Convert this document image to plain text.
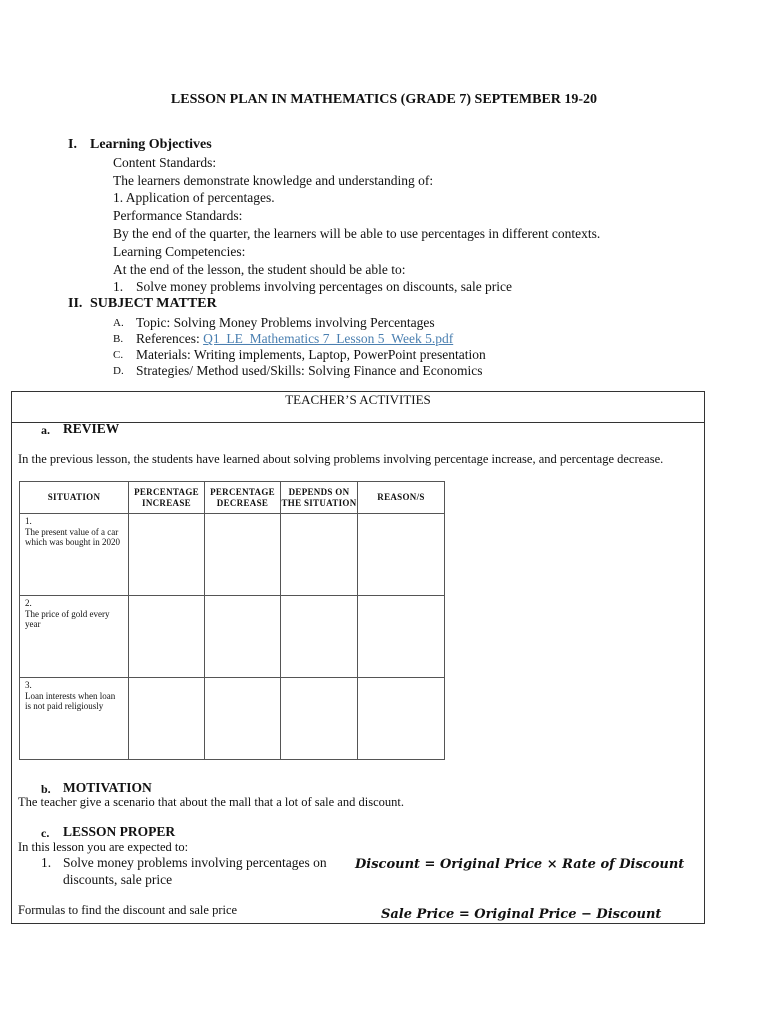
LESSON PLAN IN MATHEMATICS (GRADE 7) SEPTEMBER 19-20
I. Learning Objectives
Content Standards:
The learners demonstrate knowledge and understanding of:
1. Application of percentages.
Performance Standards:
By the end of the quarter, the learners will be able to use percentages in different contexts.
Learning Competencies:
At the end of the lesson, the student should be able to:
1. Solve money problems involving percentages on discounts, sale price
II. SUBJECT MATTER
A. Topic: Solving Money Problems involving Percentages
B. References: Q1_LE_Mathematics 7_Lesson 5_Week 5.pdf
C. Materials: Writing implements, Laptop, PowerPoint presentation
D. Strategies/ Method used/Skills: Solving Finance and Economics
TEACHER’S ACTIVITIES
a. REVIEW
In the previous lesson, the students have learned about solving problems involving percentage increase, and percentage decrease.
SITUATION	PERCENTAGE INCREASE	PERCENTAGE DECREASE	DEPENDS ON THE SITUATION	REASON/S
1.The present value of a car which was bought in 2020				
2.The price of gold every year				
3.Loan interests when loan is not paid religiously				
b. MOTIVATION
The teacher give a scenario that about the mall that a lot of sale and discount.
c. LESSON PROPER
In this lesson you are expected to:
1. Solve money problems involving percentages on
discounts, sale price
Formulas to find the discount and sale price
Discount = Original Price × Rate of Discount
Sale Price = Original Price − Discount
